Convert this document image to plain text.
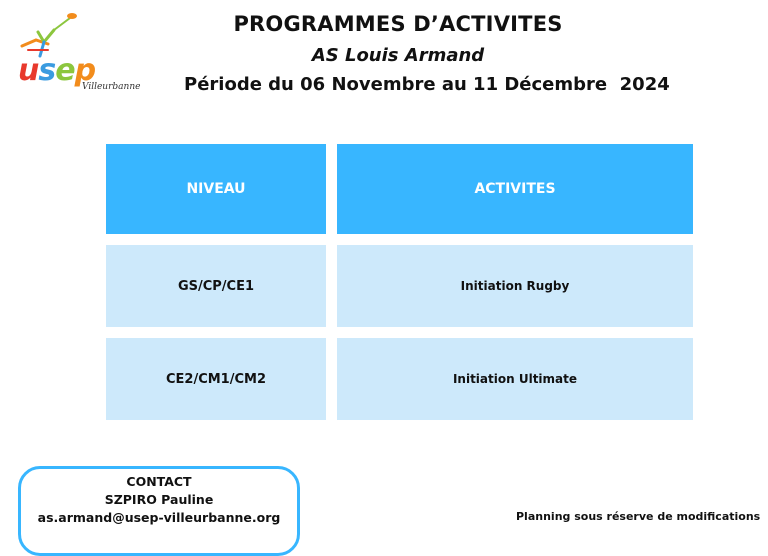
usep
Villeurbanne
PROGRAMMES D’ACTIVITES
AS Louis Armand
Période du 06 Novembre au 11 Décembre  2024
NIVEAU	ACTIVITES
GS/CP/CE1	Initiation Rugby
CE2/CM1/CM2	Initiation Ultimate
CONTACT
SZPIRO Pauline
as.armand@usep-villeurbanne.org	Planning sous réserve de modifications
